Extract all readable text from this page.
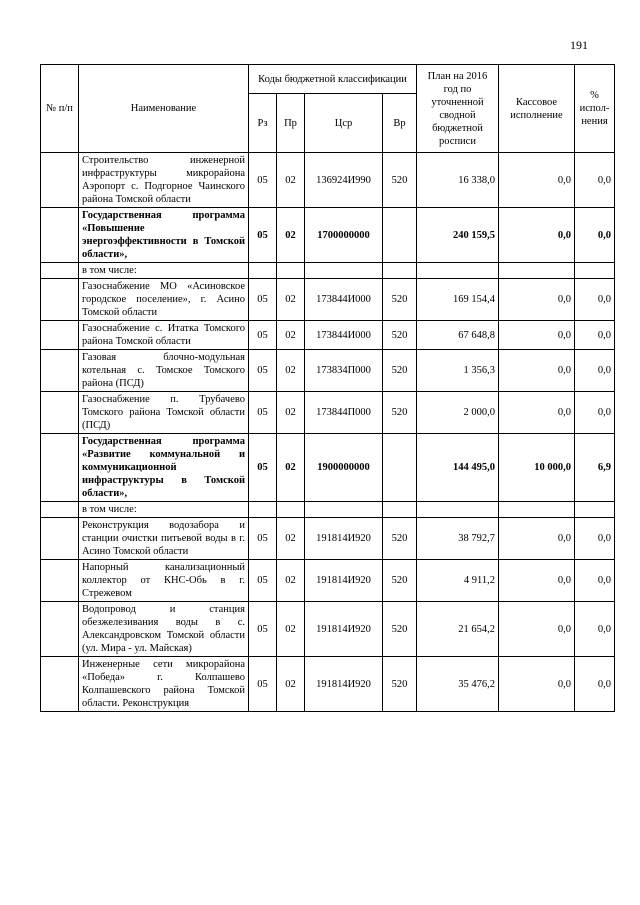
191
№ п/п	Наименование	Коды бюджетной классификации				План на 2016 год по уточненной сводной бюджетной росписи	Кассовое исполнение	% испол-нения
		Рз	Пр	Цср	Вр			
	Строительство инженерной инфраструктуры микрорайона Аэропорт с. Подгорное Чаинского района Томской области	05	02	136924И990	520	16 338,0	0,0	0,0
	Государственная программа «Повышение энергоэффективности в Томской области»,	05	02	1700000000		240 159,5	0,0	0,0
	в том числе:							
	Газоснабжение МО «Асиновское городское поселение», г. Асино Томской области	05	02	173844И000	520	169 154,4	0,0	0,0
	Газоснабжение с. Итатка Томского района Томской области	05	02	173844И000	520	67 648,8	0,0	0,0
	Газовая блочно-модульная котельная с. Томское Томского района (ПСД)	05	02	173834П000	520	1 356,3	0,0	0,0
	Газоснабжение п. Трубачево Томского района Томской области (ПСД)	05	02	173844П000	520	2 000,0	0,0	0,0
	Государственная программа «Развитие коммунальной и коммуникационной инфраструктуры в Томской области»,	05	02	1900000000		144 495,0	10 000,0	6,9
	в том числе:							
	Реконструкция водозабора и станции очистки питьевой воды в г. Асино Томской области	05	02	191814И920	520	38 792,7	0,0	0,0
	Напорный канализационный коллектор от КНС-Обь в г. Стрежевом	05	02	191814И920	520	4 911,2	0,0	0,0
	Водопровод и станция обезжелезивания воды в с. Александровском Томской области (ул. Мира - ул. Майская)	05	02	191814И920	520	21 654,2	0,0	0,0
	Инженерные сети микрорайона «Победа» г. Колпашево Колпашевского района Томской области. Реконструкция	05	02	191814И920	520	35 476,2	0,0	0,0
